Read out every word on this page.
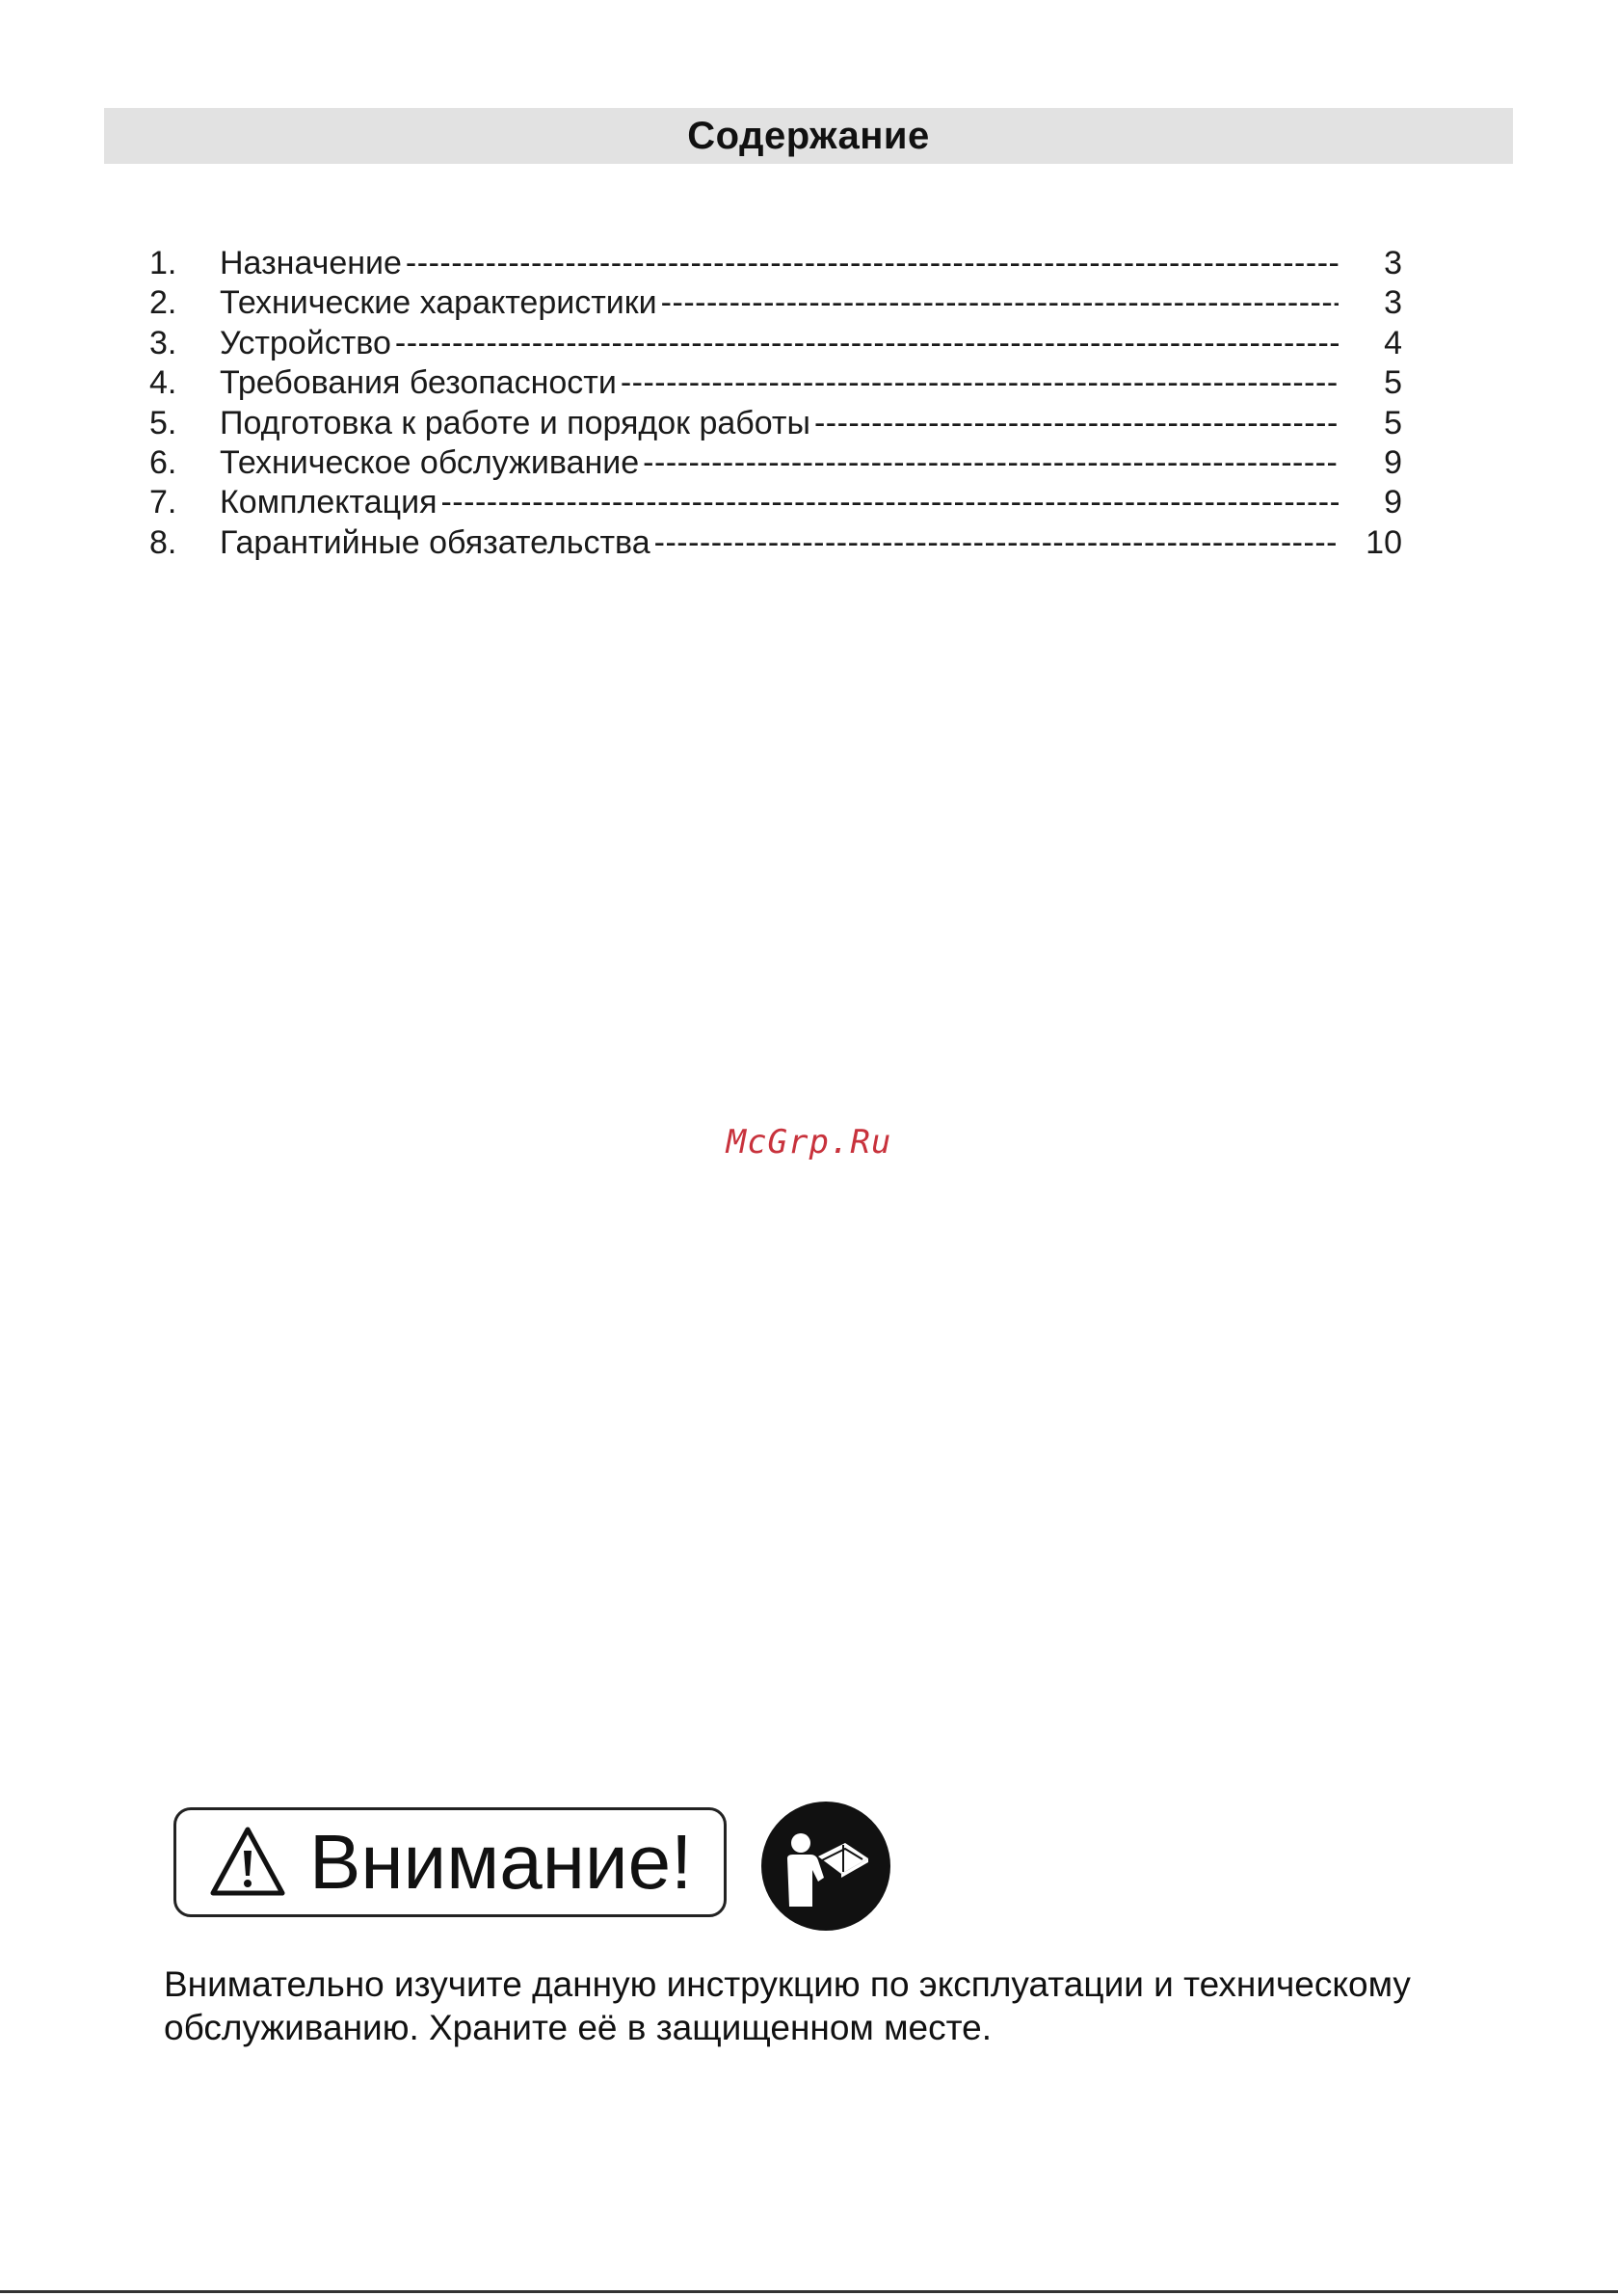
Содержание
1.	Назначение -----	3
2.	Технические характеристики -----	3
3.	Устройство -----	4
4.	Требования безопасности -----	5
5.	Подготовка к работе и порядок работы -----	5
6.	Техническое обслуживание -----	9
7.	Комплектация -----	9
8.	Гарантийные обязательства -----	10
McGrp.Ru
Внимание!

Внимательно изучите данную инструкцию по эксплуатации и техническому
обслуживанию. Храните её в защищенном месте.
